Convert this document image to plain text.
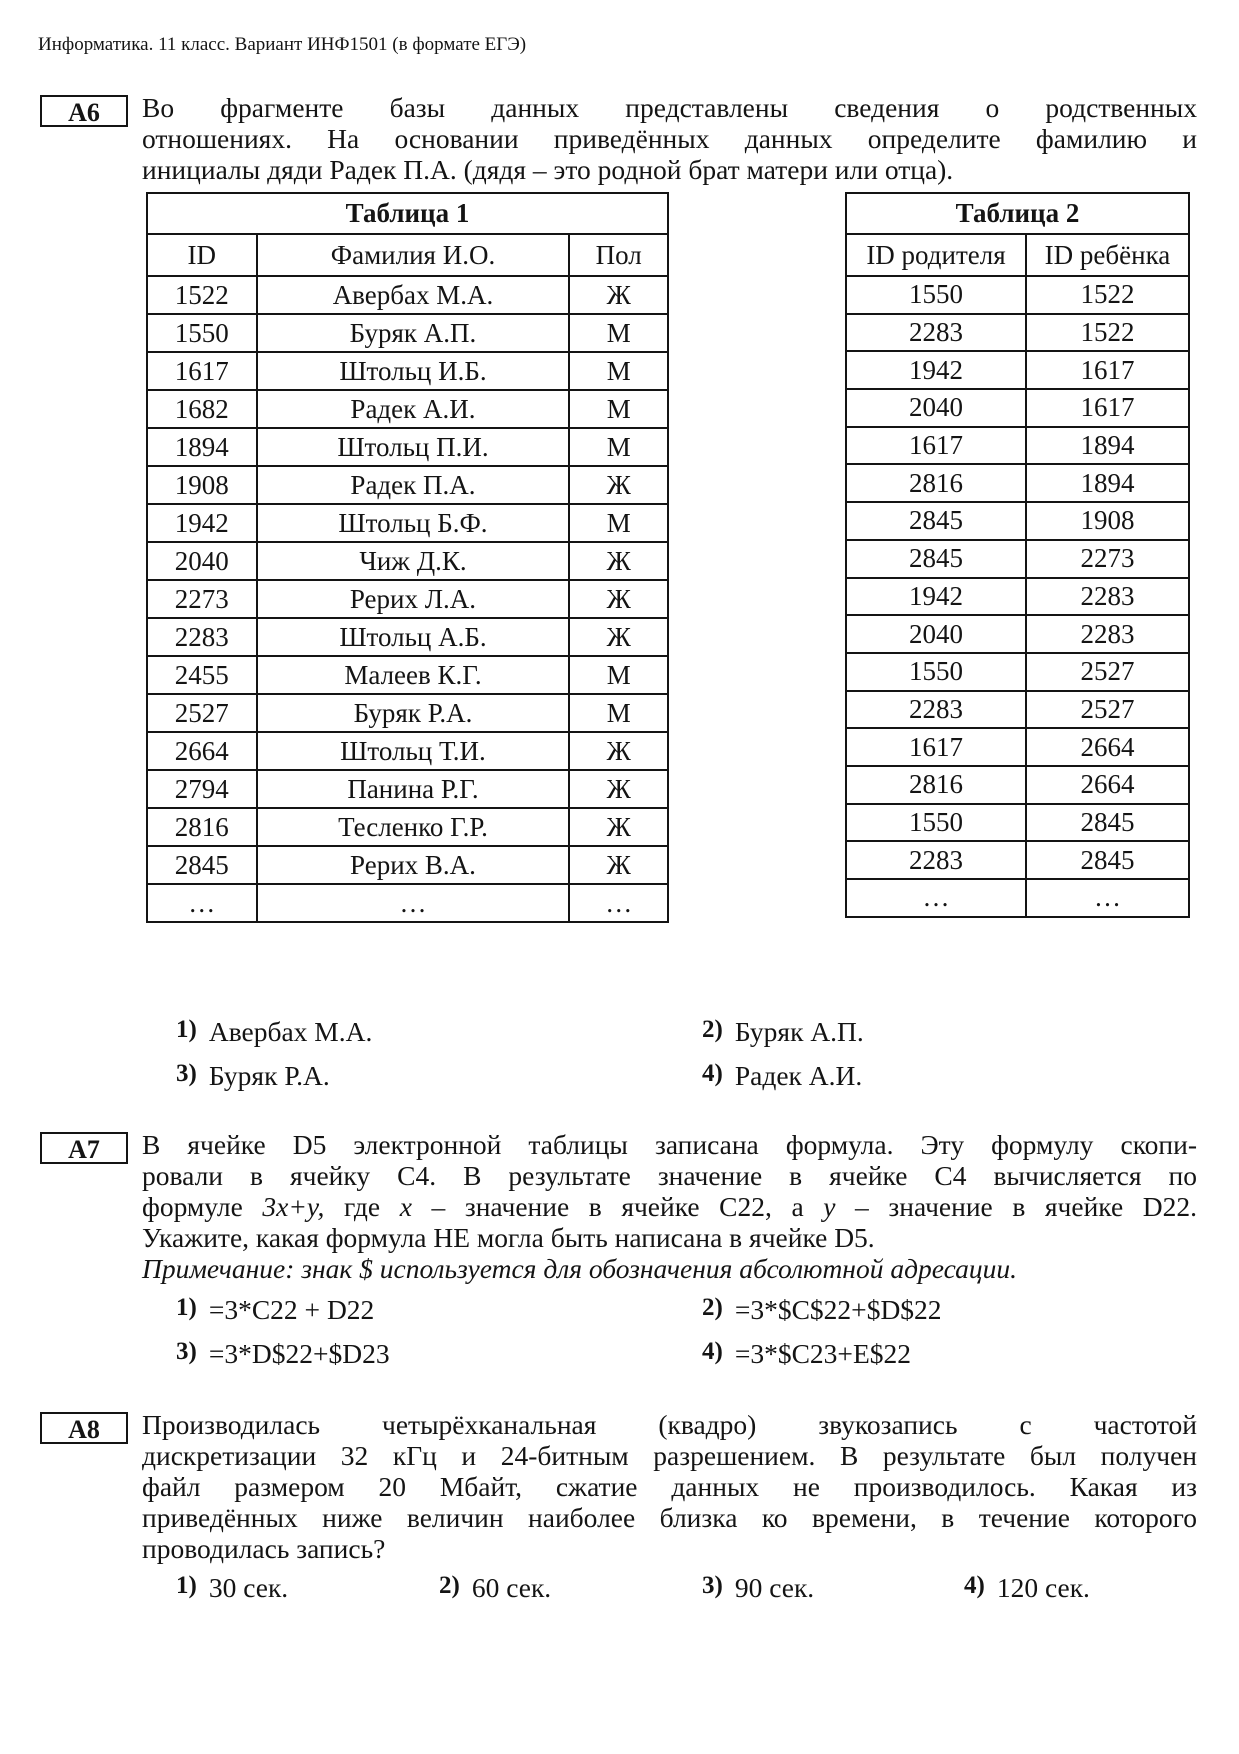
Информатика. 11 класс. Вариант ИНФ1501 (в формате ЕГЭ)
А6	Во фрагменте базы данных представлены сведения о родственных
отношениях. На основании приведённых данных определите фамилию и
инициалы дяди Радек П.А. (дядя – это родной брат матери или отца).
Таблица 1		
ID	Фамилия И.О.	Пол
1522	Авербах М.А.	Ж
1550	Буряк А.П.	М
1617	Штольц И.Б.	М
1682	Радек А.И.	М
1894	Штольц П.И.	М
1908	Радек П.А.	Ж
1942	Штольц Б.Ф.	М
2040	Чиж Д.К.	Ж
2273	Рерих Л.А.	Ж
2283	Штольц А.Б.	Ж
2455	Малеев К.Г.	М
2527	Буряк Р.А.	М
2664	Штольц Т.И.	Ж
2794	Панина Р.Г.	Ж
2816	Тесленко Г.Р.	Ж
2845	Рерих В.А.	Ж
…	…	…
Таблица 2	
ID родителя	ID ребёнка
1550	1522
2283	1522
1942	1617
2040	1617
1617	1894
2816	1894
2845	1908
2845	2273
1942	2283
2040	2283
1550	2527
2283	2527
1617	2664
2816	2664
1550	2845
2283	2845
…	…
1) Авербах М.А.	2) Буряк А.П.
3) Буряк Р.А.	4) Радек А.И.
А7	В ячейке D5 электронной таблицы записана формула. Эту формулу скопи-
ровали в ячейку С4. В результате значение в ячейке С4 вычисляется по
формуле 3x+y, где x – значение в ячейке С22, а y – значение в ячейке D22.
Укажите, какая формула НЕ могла быть написана в ячейке D5.
Примечание: знак $ используется для обозначения абсолютной адресации.
1) =3*C22 + D22	2) =3*$C$22+$D$22
3) =3*D$22+$D23	4) =3*$C23+E$22
А8	Производилась четырёхканальная (квадро) звукозапись с частотой
дискретизации 32 кГц и 24-битным разрешением. В результате был получен
файл размером 20 Мбайт, сжатие данных не производилось. Какая из
приведённых ниже величин наиболее близка ко времени, в течение которого
проводилась запись?
1) 30 сек.	2) 60 сек.	3) 90 сек.	4) 120 сек.
